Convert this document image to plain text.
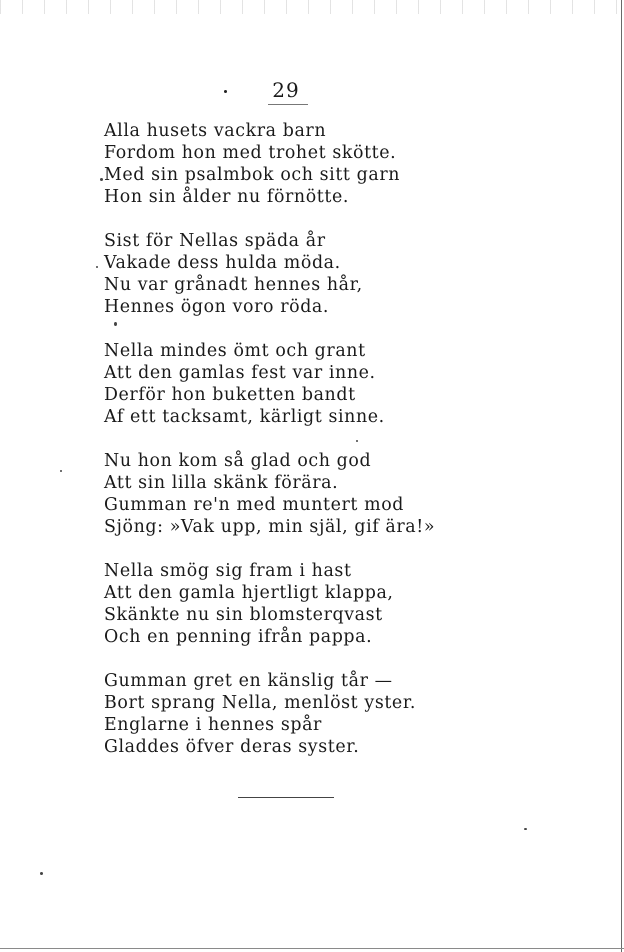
29
Alla husets vackra barn
Fordom hon med trohet skötte.
Med sin psalmbok och sitt garn
Hon sin ålder nu förnötte.
Sist för Nellas späda år
Vakade dess hulda möda.
Nu var grånadt hennes hår,
Hennes ögon voro röda.
Nella mindes ömt och grant
Att den gamlas fest var inne.
Derför hon buketten bandt
Af ett tacksamt, kärligt sinne.
Nu hon kom så glad och god
Att sin lilla skänk förära.
Gumman re'n med muntert mod
Sjöng: »Vak upp, min själ, gif ära!»
Nella smög sig fram i hast
Att den gamla hjertligt klappa,
Skänkte nu sin blomsterqvast
Och en penning ifrån pappa.
Gumman gret en känslig tår —
Bort sprang Nella, menlöst yster.
Englarne i hennes spår
Gladdes öfver deras syster.
